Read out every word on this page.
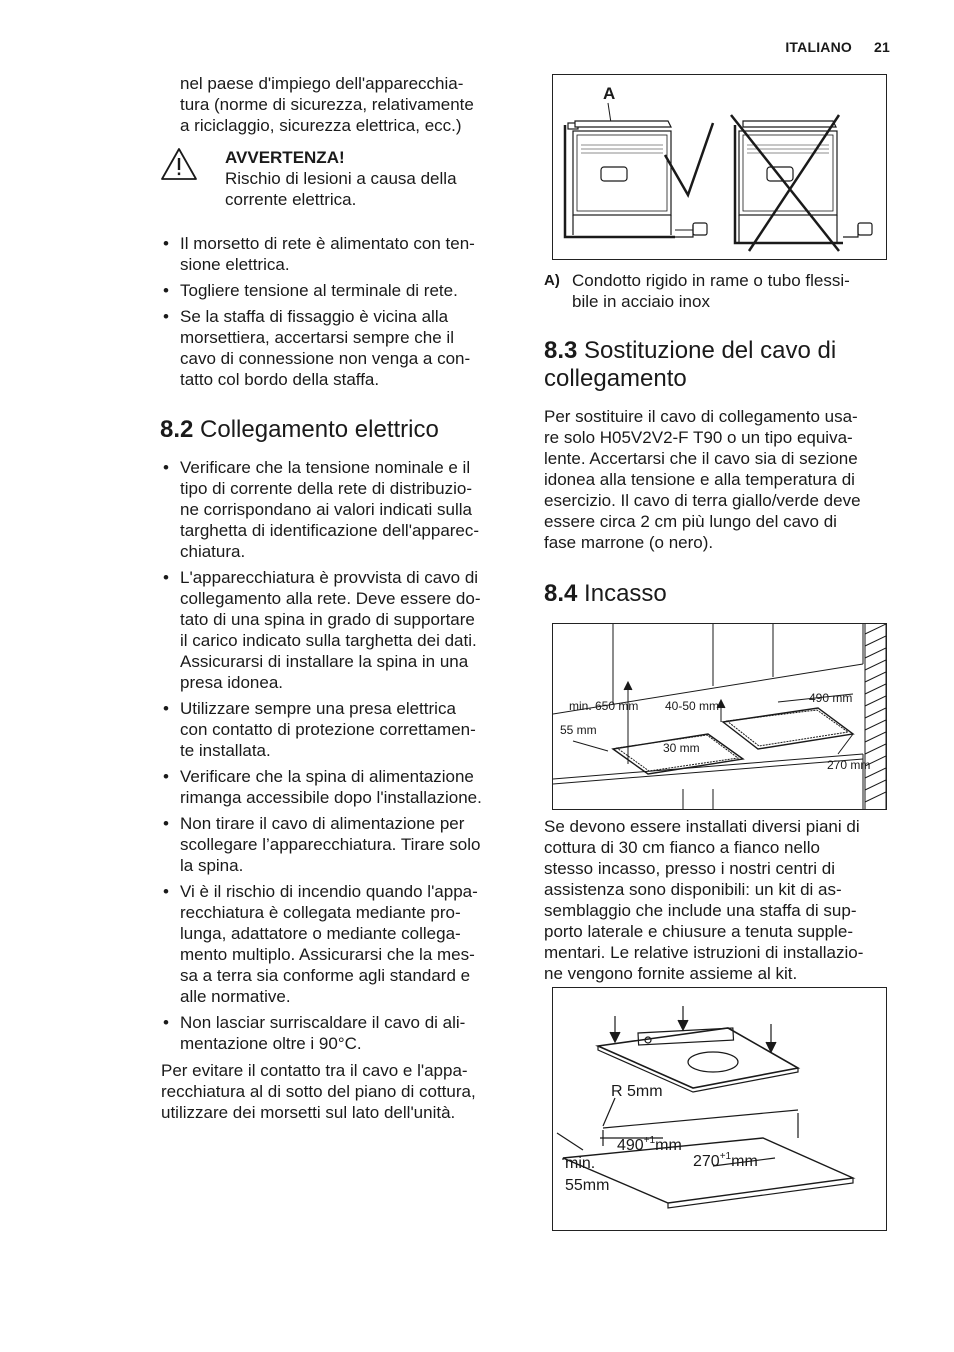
ITALIANO 21
nel paese d'impiego dell'apparecchia-
tura (norme di sicurezza, relativamente
a riciclaggio, sicurezza elettrica, ecc.)
AVVERTENZA!
Rischio di lesioni a causa della
corrente elettrica.
• Il morsetto di rete è alimentato con ten-
sione elettrica.
• Togliere tensione al terminale di rete.
• Se la staffa di fissaggio è vicina alla
morsettiera, accertarsi sempre che il
cavo di connessione non venga a con-
tatto col bordo della staffa.
8.2 Collegamento elettrico
• Verificare che la tensione nominale e il
tipo di corrente della rete di distribuzio-
ne corrispondano ai valori indicati sulla
targhetta di identificazione dell'apparec-
chiatura.
• L'apparecchiatura è provvista di cavo di
collegamento alla rete. Deve essere do-
tato di una spina in grado di supportare
il carico indicato sulla targhetta dei dati.
Assicurarsi di installare la spina in una
presa idonea.
• Utilizzare sempre una presa elettrica
con contatto di protezione correttamen-
te installata.
• Verificare che la spina di alimentazione
rimanga accessibile dopo l'installazione.
• Non tirare il cavo di alimentazione per
scollegare l’apparecchiatura. Tirare solo
la spina.
• Vi è il rischio di incendio quando l'appa-
recchiatura è collegata mediante pro-
lunga, adattatore o mediante collega-
mento multiplo. Assicurarsi che la mes-
sa a terra sia conforme agli standard e
alle normative.
• Non lasciar surriscaldare il cavo di ali-
mentazione oltre i 90°C.
Per evitare il contatto tra il cavo e l'appa-
recchiatura al di sotto del piano di cottura,
utilizzare dei morsetti sul lato dell'unità.
A
A) Condotto rigido in rame o tubo flessi-
bile in acciaio inox
8.3 Sostituzione del cavo di
collegamento
Per sostituire il cavo di collegamento usa-
re solo H05V2V2-F T90 o un tipo equiva-
lente. Accertarsi che il cavo sia di sezione
idonea alla tensione e alla temperatura di
esercizio. Il cavo di terra giallo/verde deve
essere circa 2 cm più lungo del cavo di
fase marrone (o nero).
8.4 Incasso
min. 650 mm 40-50 mm
490 mm
55 mm
30 mm
270 mm
Se devono essere installati diversi piani di
cottura di 30 cm fianco a fianco nello
stesso incasso, presso i nostri centri di
assistenza sono disponibili: un kit di as-
semblaggio che include una staffa di sup-
porto laterale e chiusure a tenuta supple-
mentari. Le relative istruzioni di installazio-
ne vengono fornite assieme al kit.
R 5mm
$490^{+1}mm$
$270^{+1}mm$
min.
55mm
